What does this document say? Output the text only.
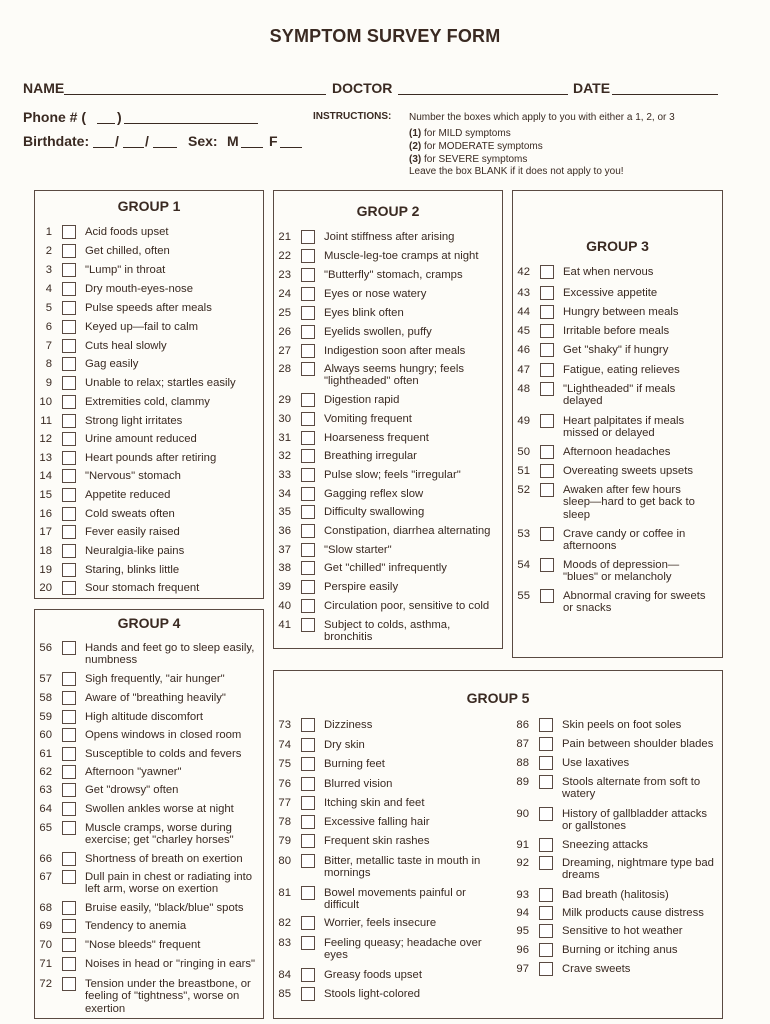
SYMPTOM SURVEY FORM
NAME	DOCTOR	DATE
Phone # ( )
Birthdate: / /	Sex: M F
INSTRUCTIONS: Number the boxes which apply to you with either a 1, 2, or 3
(1) for MILD symptoms
(2) for MODERATE symptoms
(3) for SEVERE symptoms
Leave the box BLANK if it does not apply to you!
GROUP 1
1	Acid foods upset
2	Get chilled, often
3	"Lump" in throat
4	Dry mouth-eyes-nose
5	Pulse speeds after meals
6	Keyed up—fail to calm
7	Cuts heal slowly
8	Gag easily
9	Unable to relax; startles easily
10	Extremities cold, clammy
11	Strong light irritates
12	Urine amount reduced
13	Heart pounds after retiring
14	"Nervous" stomach
15	Appetite reduced
16	Cold sweats often
17	Fever easily raised
18	Neuralgia-like pains
19	Staring, blinks little
20	Sour stomach frequent
GROUP 2
21	Joint stiffness after arising
22	Muscle-leg-toe cramps at night
23	"Butterfly" stomach, cramps
24	Eyes or nose watery
25	Eyes blink often
26	Eyelids swollen, puffy
27	Indigestion soon after meals
28	Always seems hungry; feels
"lightheaded" often
29	Digestion rapid
30	Vomiting frequent
31	Hoarseness frequent
32	Breathing irregular
33	Pulse slow; feels "irregular"
34	Gagging reflex slow
35	Difficulty swallowing
36	Constipation, diarrhea alternating
37	"Slow starter"
38	Get "chilled" infrequently
39	Perspire easily
40	Circulation poor, sensitive to cold
41	Subject to colds, asthma,
bronchitis
GROUP 3
42	Eat when nervous
43	Excessive appetite
44	Hungry between meals
45	Irritable before meals
46	Get "shaky" if hungry
47	Fatigue, eating relieves
48	"Lightheaded" if meals
delayed
49	Heart palpitates if meals
missed or delayed
50	Afternoon headaches
51	Overeating sweets upsets
52	Awaken after few hours
sleep—hard to get back to
sleep
53	Crave candy or coffee in
afternoons
54	Moods of depression—
"blues" or melancholy
55	Abnormal craving for sweets
or snacks
GROUP 4
56	Hands and feet go to sleep easily,
numbness
57	Sigh frequently, "air hunger"
58	Aware of "breathing heavily"
59	High altitude discomfort
60	Opens windows in closed room
61	Susceptible to colds and fevers
62	Afternoon "yawner"
63	Get "drowsy" often
64	Swollen ankles worse at night
65	Muscle cramps, worse during
exercise; get "charley horses"
66	Shortness of breath on exertion
67	Dull pain in chest or radiating into
left arm, worse on exertion
68	Bruise easily, "black/blue" spots
69	Tendency to anemia
70	"Nose bleeds" frequent
71	Noises in head or "ringing in ears"
72	Tension under the breastbone, or
feeling of "tightness", worse on
exertion
GROUP 5
73	Dizziness
74	Dry skin
75	Burning feet
76	Blurred vision
77	Itching skin and feet
78	Excessive falling hair
79	Frequent skin rashes
80	Bitter, metallic taste in mouth in
mornings
81	Bowel movements painful or
difficult
82	Worrier, feels insecure
83	Feeling queasy; headache over
eyes
84	Greasy foods upset
85	Stools light-colored
86	Skin peels on foot soles
87	Pain between shoulder blades
88	Use laxatives
89	Stools alternate from soft to
watery
90	History of gallbladder attacks
or gallstones
91	Sneezing attacks
92	Dreaming, nightmare type bad
dreams
93	Bad breath (halitosis)
94	Milk products cause distress
95	Sensitive to hot weather
96	Burning or itching anus
97	Crave sweets
